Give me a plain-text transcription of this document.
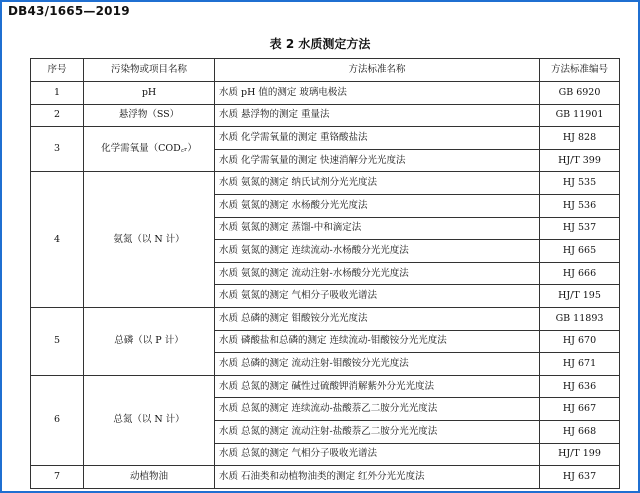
DB43/1665—2019
表 2 水质测定方法
序号	污染物或项目名称	方法标准名称	方法标准编号
1	pH	水质 pH 值的测定 玻璃电极法	GB 6920
2	悬浮物（SS）	水质 悬浮物的测定 重量法	GB 11901
3	化学需氧量（COD꜀ᵣ）	水质 化学需氧量的测定 重铬酸盐法	HJ 828
		水质 化学需氧量的测定 快速消解分光光度法	HJ/T 399
4	氨氮（以 N 计）	水质 氨氮的测定 纳氏试剂分光光度法	HJ 535
		水质 氨氮的测定 水杨酸分光光度法	HJ 536
		水质 氨氮的测定 蒸馏-中和滴定法	HJ 537
		水质 氨氮的测定 连续流动-水杨酸分光光度法	HJ 665
		水质 氨氮的测定 流动注射-水杨酸分光光度法	HJ 666
		水质 氨氮的测定 气相分子吸收光谱法	HJ/T 195
5	总磷（以 P 计）	水质 总磷的测定 钼酸铵分光光度法	GB 11893
		水质 磷酸盐和总磷的测定 连续流动-钼酸铵分光光度法	HJ 670
		水质 总磷的测定 流动注射-钼酸铵分光光度法	HJ 671
6	总氮（以 N 计）	水质 总氮的测定 碱性过硫酸钾消解紫外分光光度法	HJ 636
		水质 总氮的测定 连续流动-盐酸萘乙二胺分光光度法	HJ 667
		水质 总氮的测定 流动注射-盐酸萘乙二胺分光光度法	HJ 668
		水质 总氮的测定 气相分子吸收光谱法	HJ/T 199
7	动植物油	水质 石油类和动植物油类的测定 红外分光光度法	HJ 637
